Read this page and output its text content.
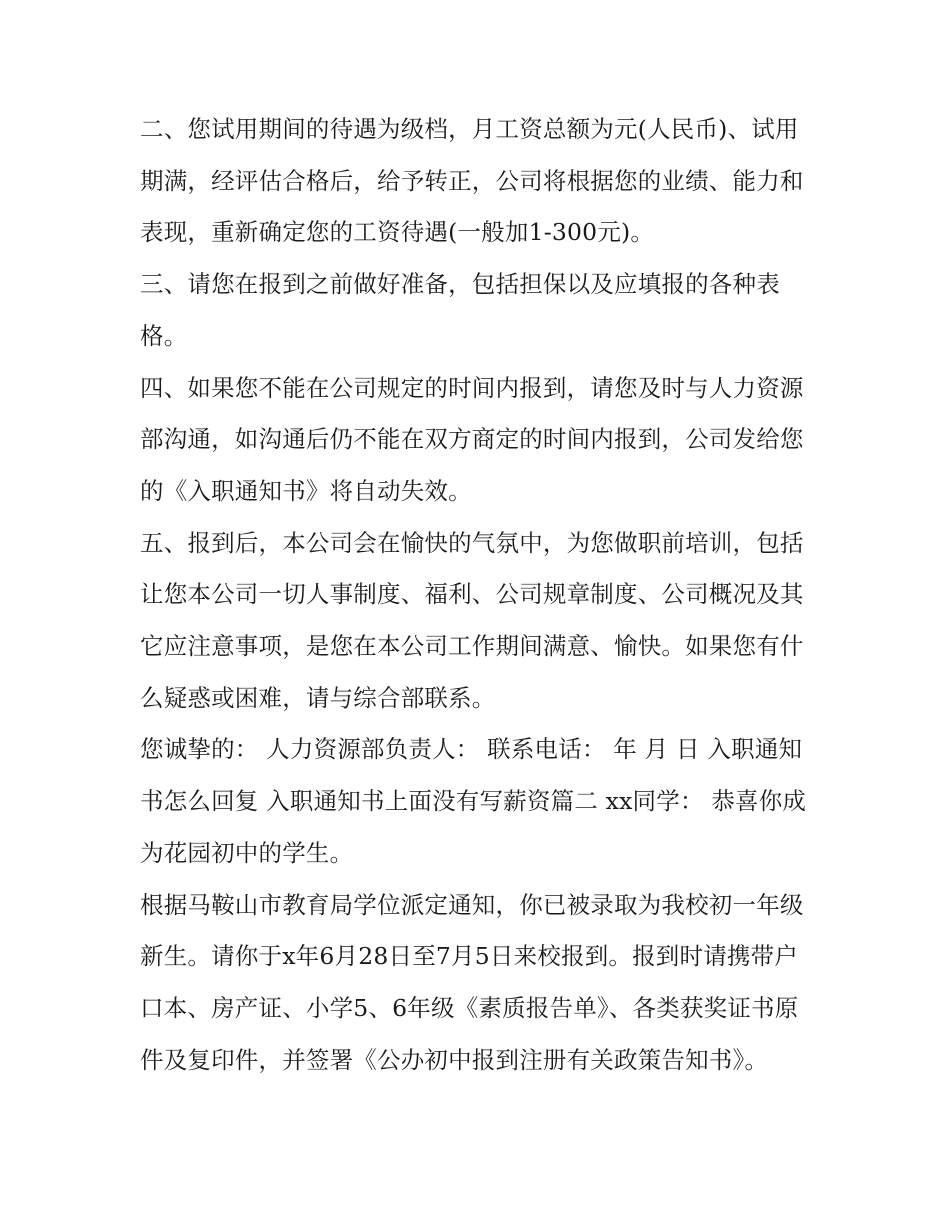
二、您试用期间的待遇为级档，月工资总额为元(人民币)、试用期满，经评估合格后，给予转正，公司将根据您的业绩、能力和表现，重新确定您的工资待遇(一般加1-300元)。

三、请您在报到之前做好准备，包括担保以及应填报的各种表格。

四、如果您不能在公司规定的时间内报到，请您及时与人力资源部沟通，如沟通后仍不能在双方商定的时间内报到，公司发给您的《入职通知书》将自动失效。

五、报到后，本公司会在愉快的气氛中，为您做职前培训，包括让您本公司一切人事制度、福利、公司规章制度、公司概况及其它应注意事项，是您在本公司工作期间满意、愉快。如果您有什么疑惑或困难，请与综合部联系。

您诚挚的： 人力资源部负责人： 联系电话： 年 月 日 入职通知书怎么回复 入职通知书上面没有写薪资篇二 xx同学： 恭喜你成为花园初中的学生。

根据马鞍山市教育局学位派定通知，你已被录取为我校初一年级新生。请你于x年6月28日至7月5日来校报到。报到时请携带户口本、房产证、小学5、6年级《素质报告单》、各类获奖证书原件及复印件，并签署《公办初中报到注册有关政策告知书》。
